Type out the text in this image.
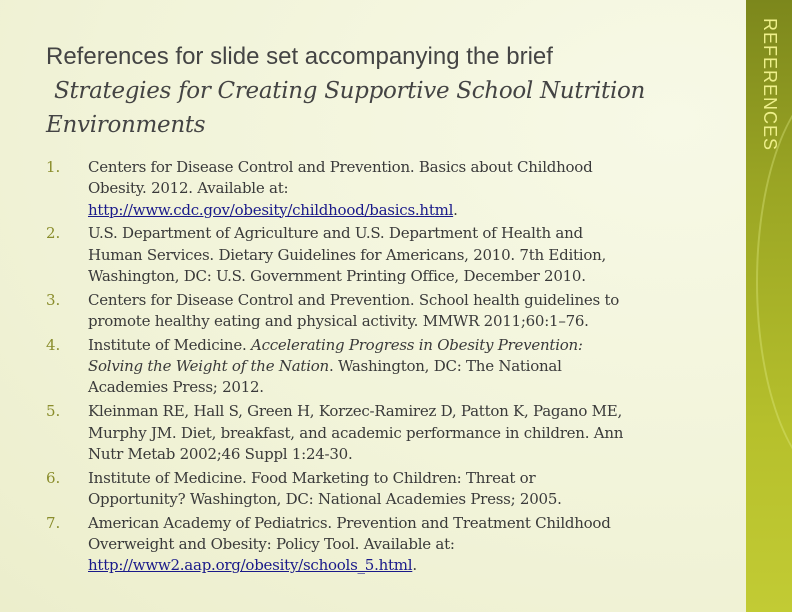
REFERENCES
References for slide set accompanying the brief
Strategies for Creating Supportive School Nutrition
Environments
1.	Centers for Disease Control and Prevention. Basics about Childhood
Obesity. 2012. Available at:
http://www.cdc.gov/obesity/childhood/basics.html.
2.	U.S. Department of Agriculture and U.S. Department of Health and
Human Services. Dietary Guidelines for Americans, 2010. 7th Edition,
Washington, DC: U.S. Government Printing Office, December 2010.
3.	Centers for Disease Control and Prevention. School health guidelines to
promote healthy eating and physical activity. MMWR 2011;60:1–76.
4.	Institute of Medicine. Accelerating Progress in Obesity Prevention:
Solving the Weight of the Nation. Washington, DC: The National
Academies Press; 2012.
5.	Kleinman RE, Hall S, Green H, Korzec-Ramirez D, Patton K, Pagano ME,
Murphy JM. Diet, breakfast, and academic performance in children. Ann
Nutr Metab 2002;46 Suppl 1:24-30.
6.	Institute of Medicine. Food Marketing to Children: Threat or
Opportunity? Washington, DC: National Academies Press; 2005.
7.	American Academy of Pediatrics. Prevention and Treatment Childhood
Overweight and Obesity: Policy Tool. Available at:
http://www2.aap.org/obesity/schools_5.html.
